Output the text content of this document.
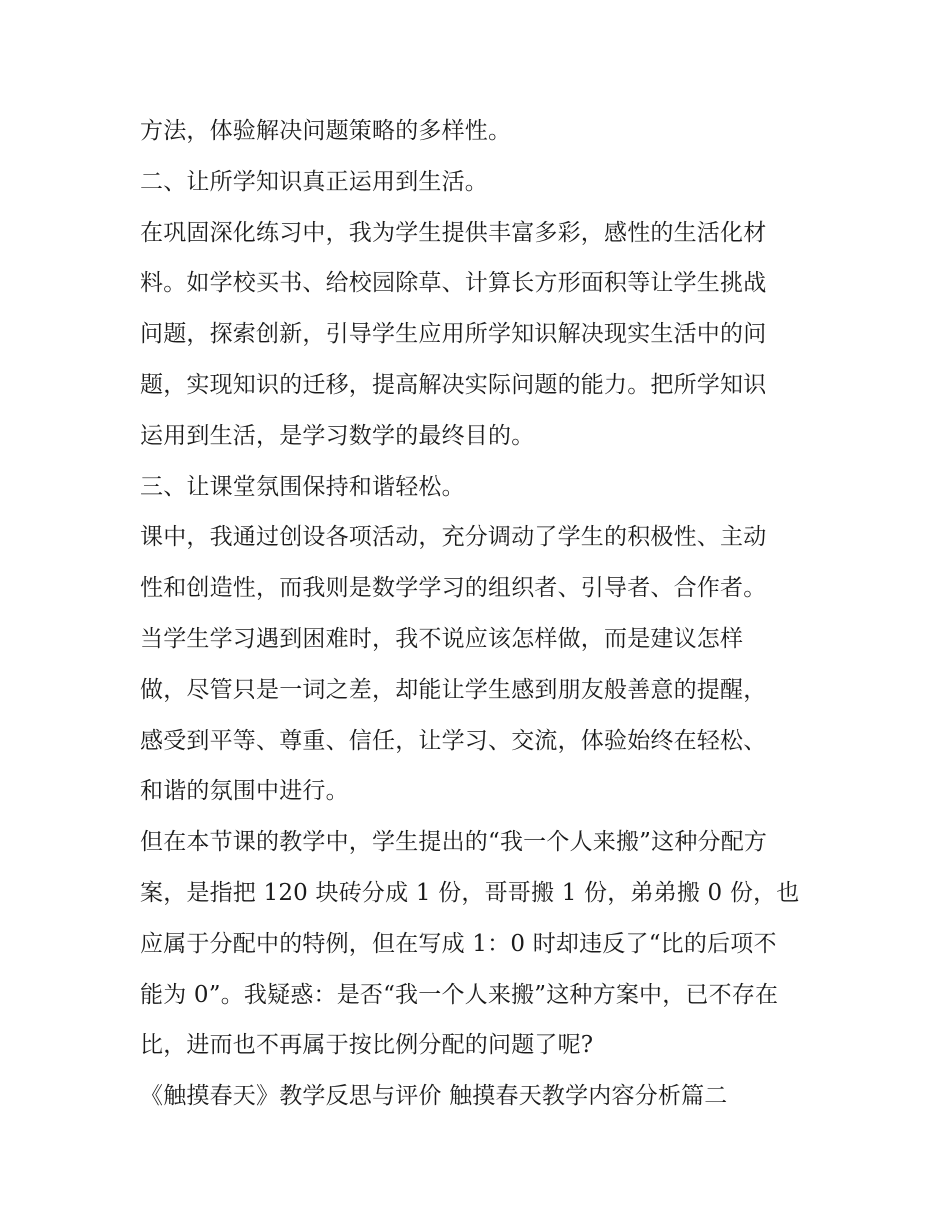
方法，体验解决问题策略的多样性。

二、让所学知识真正运用到生活。

在巩固深化练习中，我为学生提供丰富多彩，感性的生活化材

料。如学校买书、给校园除草、计算长方形面积等让学生挑战

问题，探索创新，引导学生应用所学知识解决现实生活中的问

题，实现知识的迁移，提高解决实际问题的能力。把所学知识

运用到生活，是学习数学的最终目的。

三、让课堂氛围保持和谐轻松。

课中，我通过创设各项活动，充分调动了学生的积极性、主动

性和创造性，而我则是数学学习的组织者、引导者、合作者。

当学生学习遇到困难时，我不说应该怎样做，而是建议怎样

做，尽管只是一词之差，却能让学生感到朋友般善意的提醒，

感受到平等、尊重、信任，让学习、交流，体验始终在轻松、

和谐的氛围中进行。

但在本节课的教学中，学生提出的“我一个人来搬”这种分配方

案，是指把 120 块砖分成 1 份，哥哥搬 1 份，弟弟搬 0 份，也

应属于分配中的特例，但在写成 1：0 时却违反了“比的后项不

能为 0”。我疑惑：是否“我一个人来搬”这种方案中，已不存在

比，进而也不再属于按比例分配的问题了呢?

《触摸春天》教学反思与评价 触摸春天教学内容分析篇二
